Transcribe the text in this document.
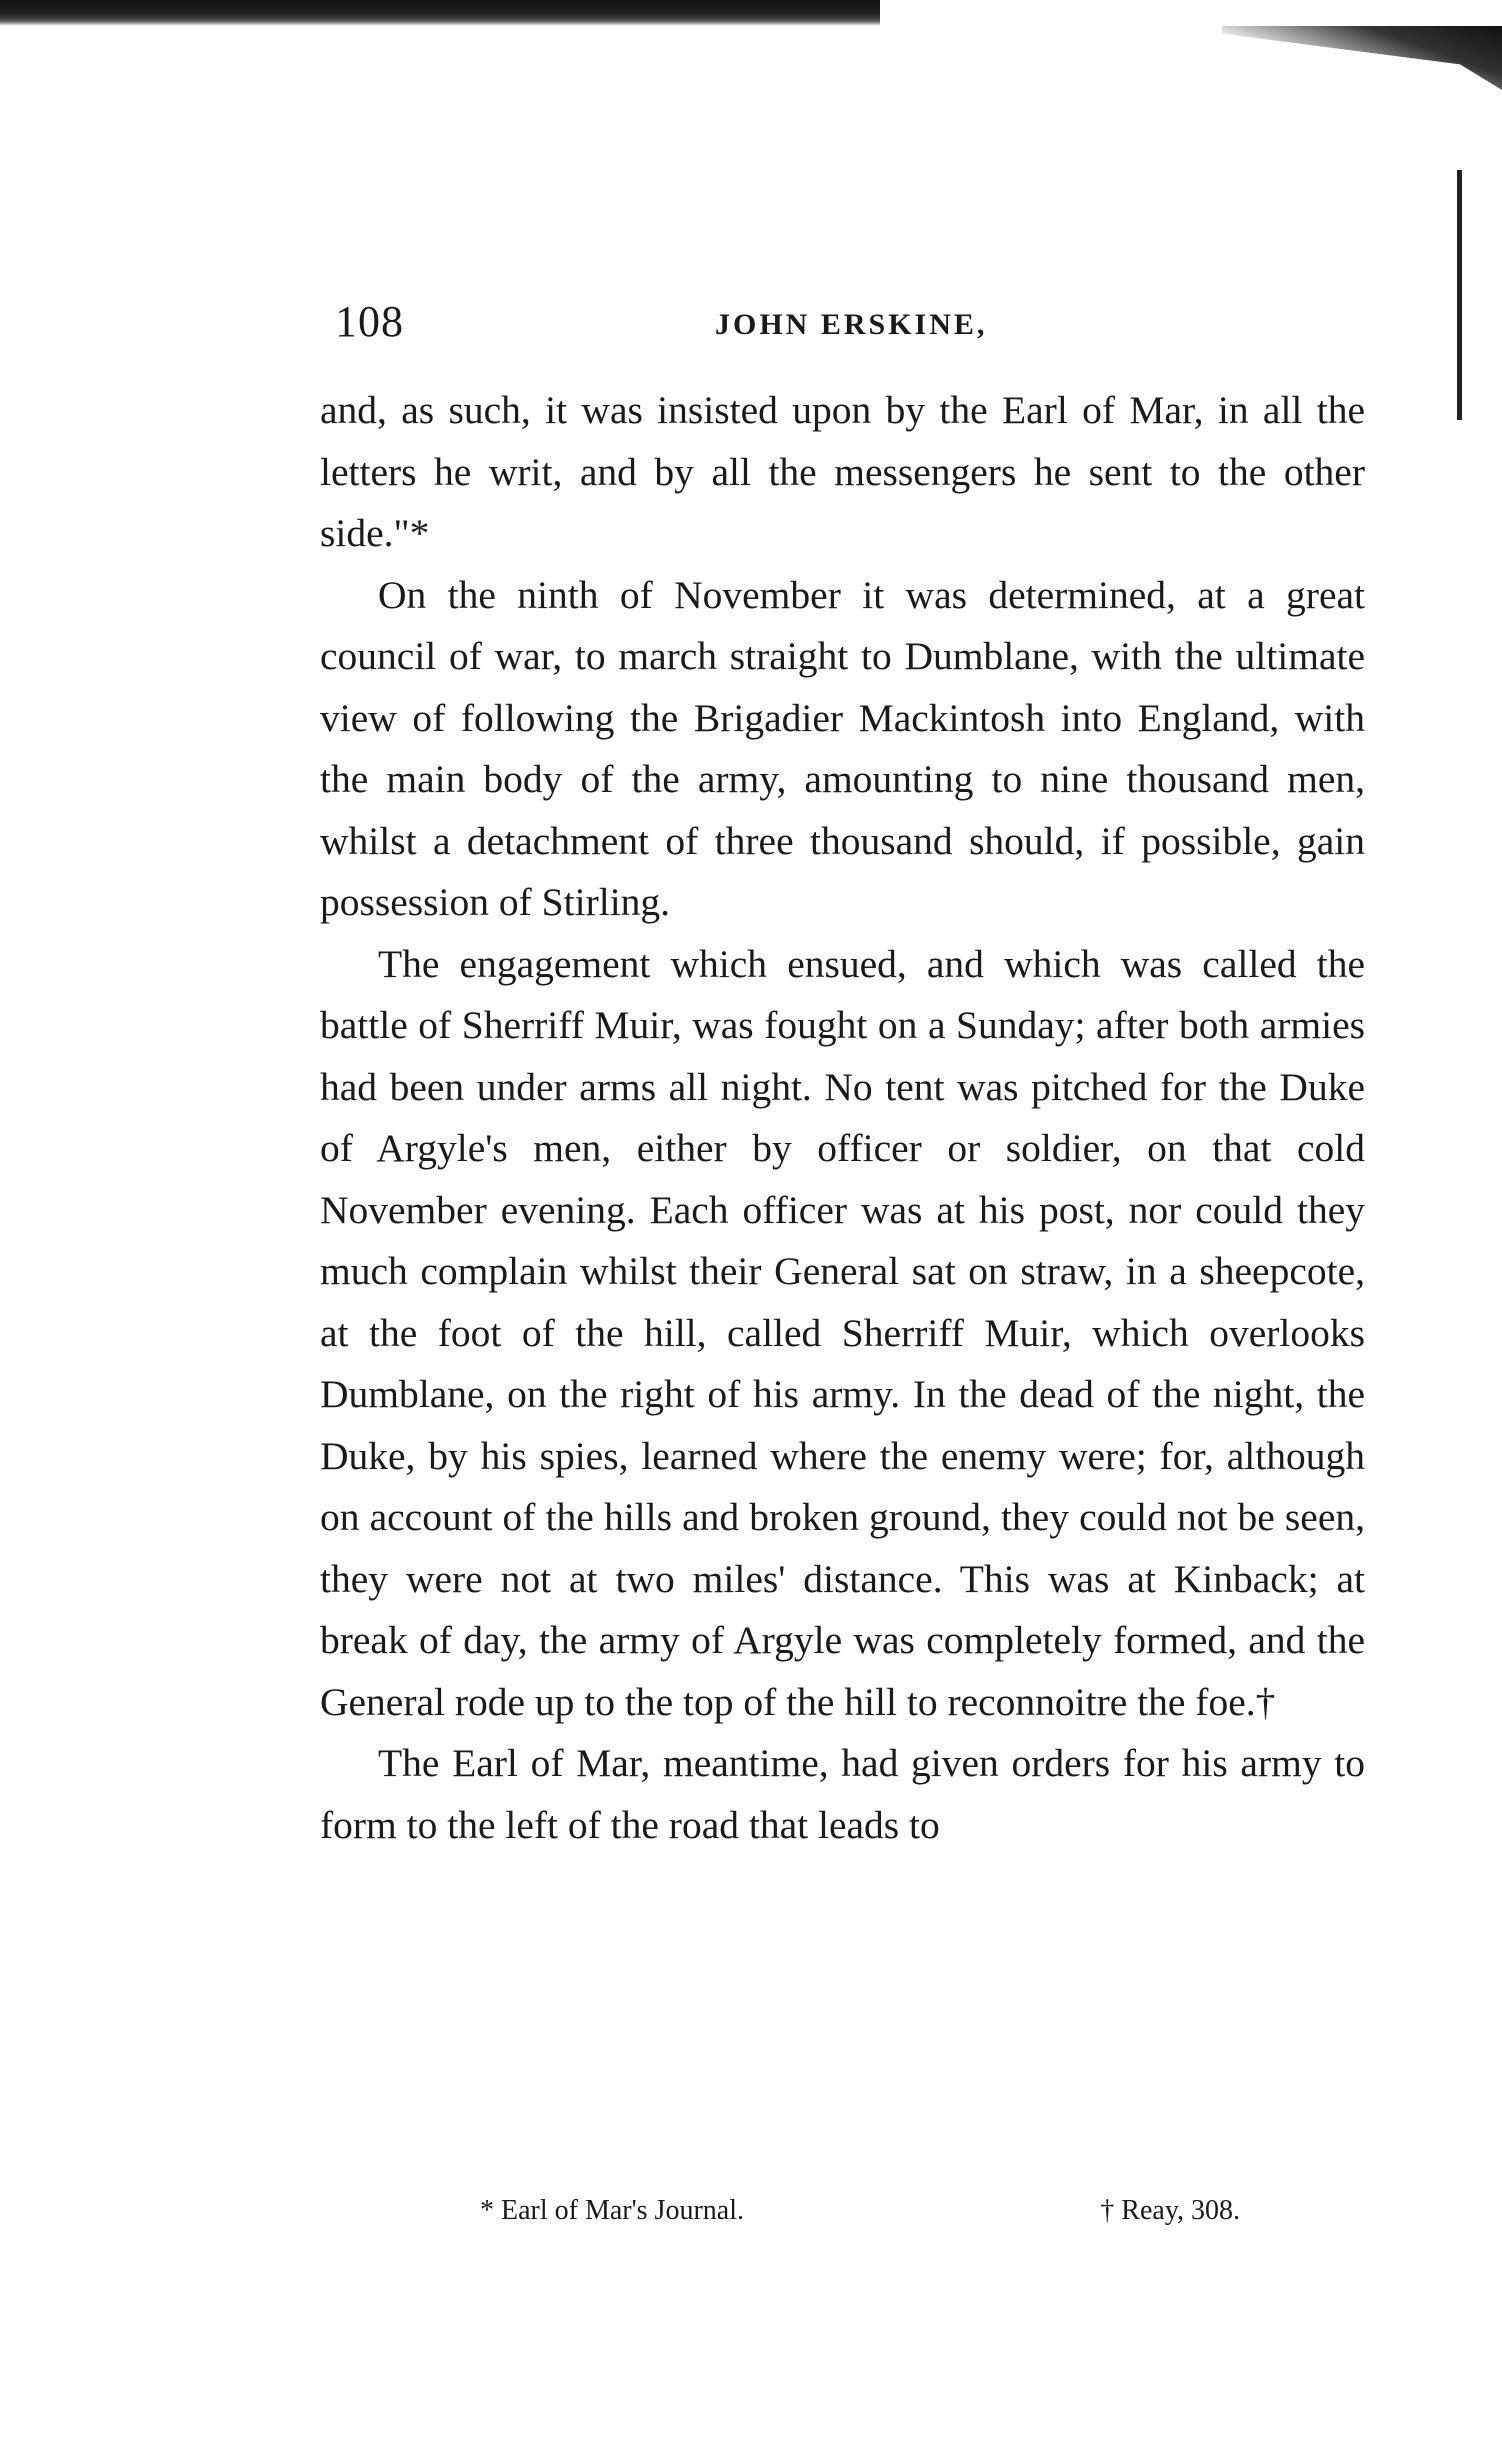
108	JOHN ERSKINE,

and, as such, it was insisted upon by the Earl of Mar, in all the letters he writ, and by all the messengers he sent to the other side."*

On the ninth of November it was determined, at a great council of war, to march straight to Dumblane, with the ultimate view of following the Brigadier Mackintosh into England, with the main body of the army, amounting to nine thousand men, whilst a detachment of three thousand should, if possible, gain possession of Stirling.

The engagement which ensued, and which was called the battle of Sherriff Muir, was fought on a Sunday; after both armies had been under arms all night. No tent was pitched for the Duke of Argyle's men, either by officer or soldier, on that cold November evening. Each officer was at his post, nor could they much complain whilst their General sat on straw, in a sheepcote, at the foot of the hill, called Sherriff Muir, which overlooks Dumblane, on the right of his army. In the dead of the night, the Duke, by his spies, learned where the enemy were; for, although on account of the hills and broken ground, they could not be seen, they were not at two miles' distance. This was at Kinback; at break of day, the army of Argyle was completely formed, and the General rode up to the top of the hill to reconnoitre the foe.†

The Earl of Mar, meantime, had given orders for his army to form to the left of the road that leads to

* Earl of Mar's Journal.	† Reay, 308.
